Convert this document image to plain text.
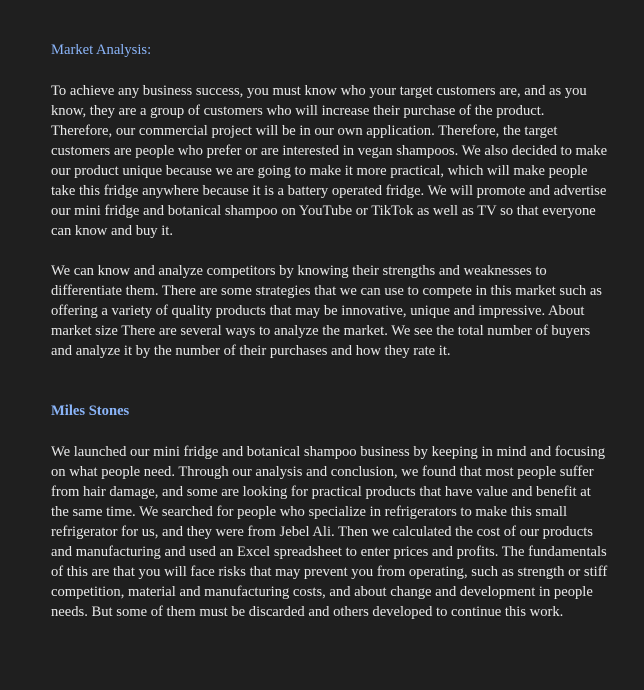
Market Analysis:

To achieve any business success, you must know who your target customers are, and as you know, they are a group of customers who will increase their purchase of the product. Therefore, our commercial project will be in our own application. Therefore, the target customers are people who prefer or are interested in vegan shampoos. We also decided to make our product unique because we are going to make it more practical, which will make people take this fridge anywhere because it is a battery operated fridge. We will promote and advertise our mini fridge and botanical shampoo on YouTube or TikTok as well as TV so that everyone can know and buy it.

We can know and analyze competitors by knowing their strengths and weaknesses to differentiate them. There are some strategies that we can use to compete in this market such as offering a variety of quality products that may be innovative, unique and impressive. About market size There are several ways to analyze the market. We see the total number of buyers and analyze it by the number of their purchases and how they rate it.

Miles Stones

We launched our mini fridge and botanical shampoo business by keeping in mind and focusing on what people need. Through our analysis and conclusion, we found that most people suffer from hair damage, and some are looking for practical products that have value and benefit at the same time. We searched for people who specialize in refrigerators to make this small refrigerator for us, and they were from Jebel Ali. Then we calculated the cost of our products and manufacturing and used an Excel spreadsheet to enter prices and profits. The fundamentals of this are that you will face risks that may prevent you from operating, such as strength or stiff competition, material and manufacturing costs, and about change and development in people needs. But some of them must be discarded and others developed to continue this work.
